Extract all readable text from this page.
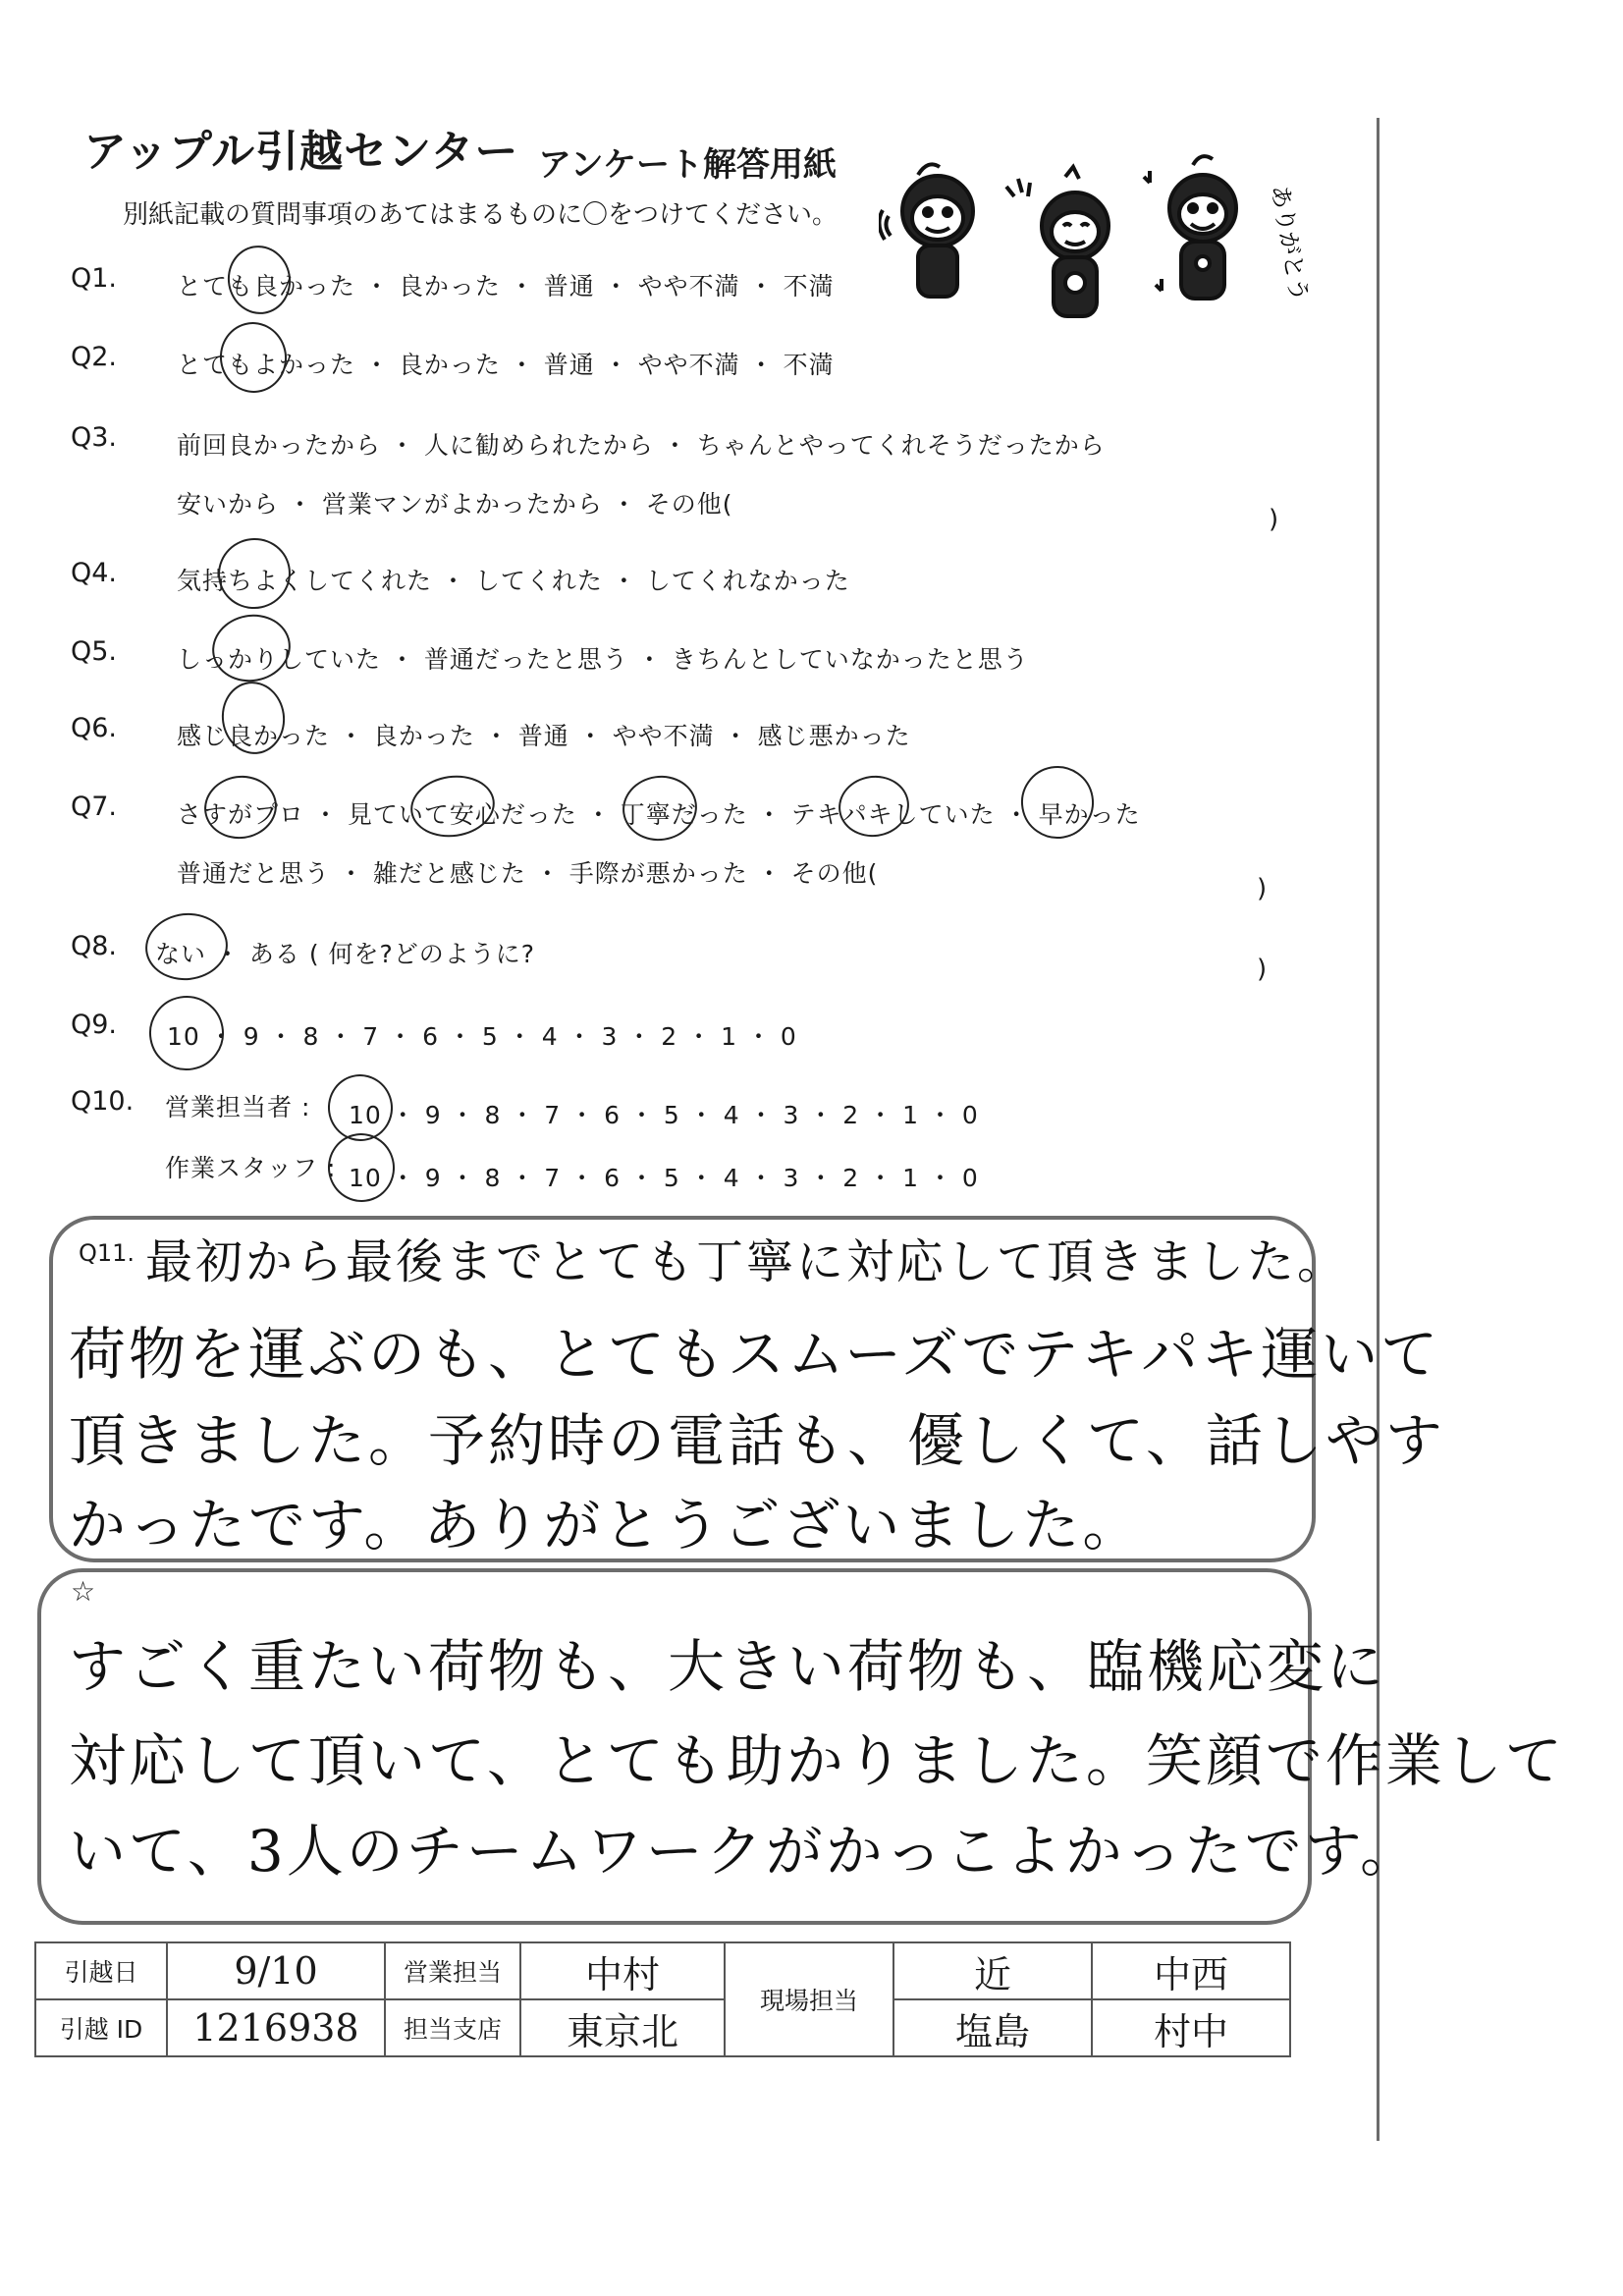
アップル引越センター アンケート解答用紙
別紙記載の質問事項のあてはまるものに〇をつけてください。	ありがとう
Q1. とても良かった ・ 良かった ・ 普通 ・ やや不満 ・ 不満
Q2. とてもよかった ・ 良かった ・ 普通 ・ やや不満 ・ 不満
Q3. 前回良かったから ・ 人に勧められたから ・ ちゃんとやってくれそうだったから
安いから ・ 営業マンがよかったから ・ その他(
)
Q4. 気持ちよくしてくれた ・ してくれた ・ してくれなかった
Q5. しっかりしていた ・ 普通だったと思う ・ きちんとしていなかったと思う
Q6. 感じ良かった ・ 良かった ・ 普通 ・ やや不満 ・ 感じ悪かった
Q7. さすがプロ ・ 見ていて安心だった ・ 丁寧だった ・ テキパキしていた ・ 早かった
普通だと思う ・ 雑だと感じた ・ 手際が悪かった ・ その他(
)
Q8. ない ・ ある ( 何を?どのように?
)
Q9. 10 ・ 9 ・ 8 ・ 7 ・ 6 ・ 5 ・ 4 ・ 3 ・ 2 ・ 1 ・ 0
Q10. 営業担当者 : 10 ・ 9 ・ 8 ・ 7 ・ 6 ・ 5 ・ 4 ・ 3 ・ 2 ・ 1 ・ 0
作業スタッフ : 10 ・ 9 ・ 8 ・ 7 ・ 6 ・ 5 ・ 4 ・ 3 ・ 2 ・ 1 ・ 0
Q11. 最初から最後までとても丁寧に対応して頂きました。
荷物を運ぶのも、とてもスムーズでテキパキ運いて
頂きました。予約時の電話も、優しくて、話しやす
かったです。ありがとうございました。
☆
すごく重たい荷物も、大きい荷物も、臨機応変に
対応して頂いて、とても助かりました。笑顔で作業して
いて、3人のチームワークがかっこよかったです。
引越日	9/10	営業担当	中村	現場担当	近	中西
引越 ID	1216938	担当支店	東京北		塩島	村中
